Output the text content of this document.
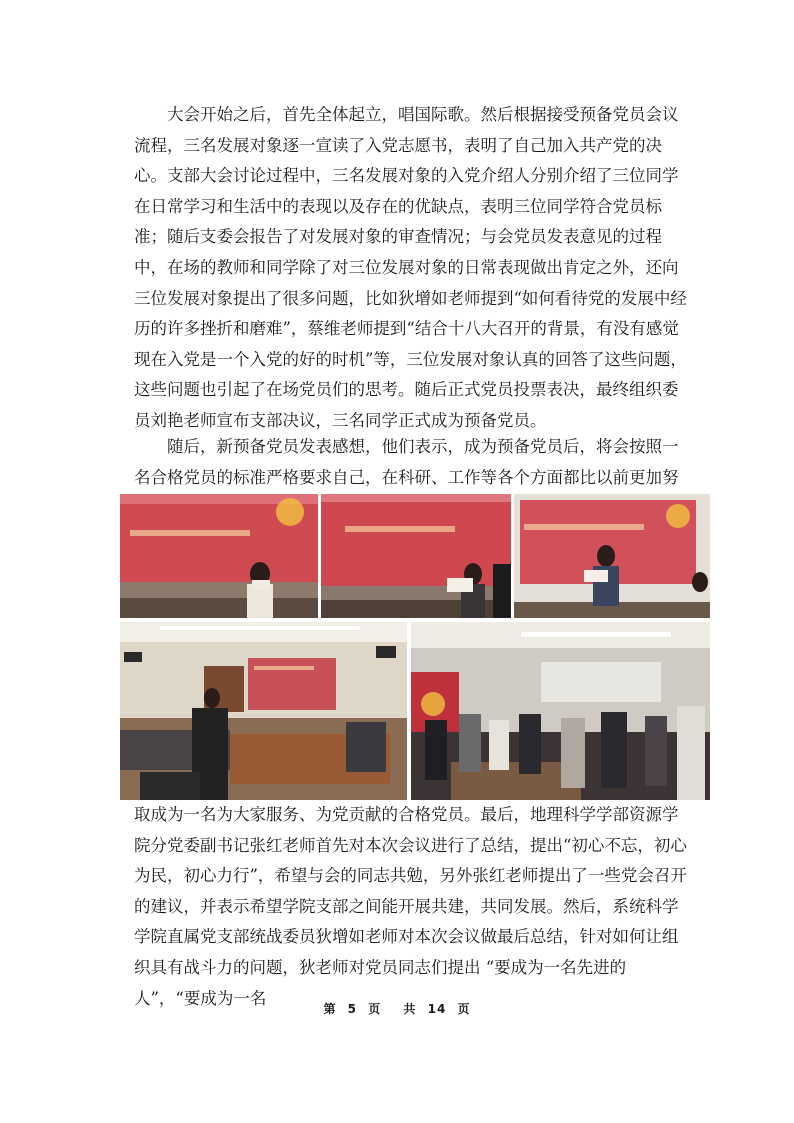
大会开始之后，首先全体起立，唱国际歌。然后根据接受预备党员会议流程，三名发展对象逐一宣读了入党志愿书，表明了自己加入共产党的决心。支部大会讨论过程中，三名发展对象的入党介绍人分别介绍了三位同学在日常学习和生活中的表现以及存在的优缺点，表明三位同学符合党员标准；随后支委会报告了对发展对象的审查情况；与会党员发表意见的过程中，在场的教师和同学除了对三位发展对象的日常表现做出肯定之外，还向三位发展对象提出了很多问题，比如狄增如老师提到“如何看待党的发展中经历的许多挫折和磨难”，蔡维老师提到“结合十八大召开的背景，有没有感觉现在入党是一个入党的好的时机”等，三位发展对象认真的回答了这些问题，这些问题也引起了在场党员们的思考。随后正式党员投票表决，最终组织委员刘艳老师宣布支部决议，三名同学正式成为预备党员。

随后，新预备党员发表感想，他们表示，成为预备党员后，将会按照一名合格党员的标准严格要求自己，在科研、工作等各个方面都比以前更加努

取成为一名为大家服务、为党贡献的合格党员。最后，地理科学学部资源学院分党委副书记张红老师首先对本次会议进行了总结，提出“初心不忘，初心为民，初心力行”，希望与会的同志共勉，另外张红老师提出了一些党会召开的建议，并表示希望学院支部之间能开展共建，共同发展。然后，系统科学学院直属党支部统战委员狄增如老师对本次会议做最后总结，针对如何让组织具有战斗力的问题，狄老师对党员同志们提出 “要成为一名先进的人”，“要成为一名

第 5 页 共 14 页
